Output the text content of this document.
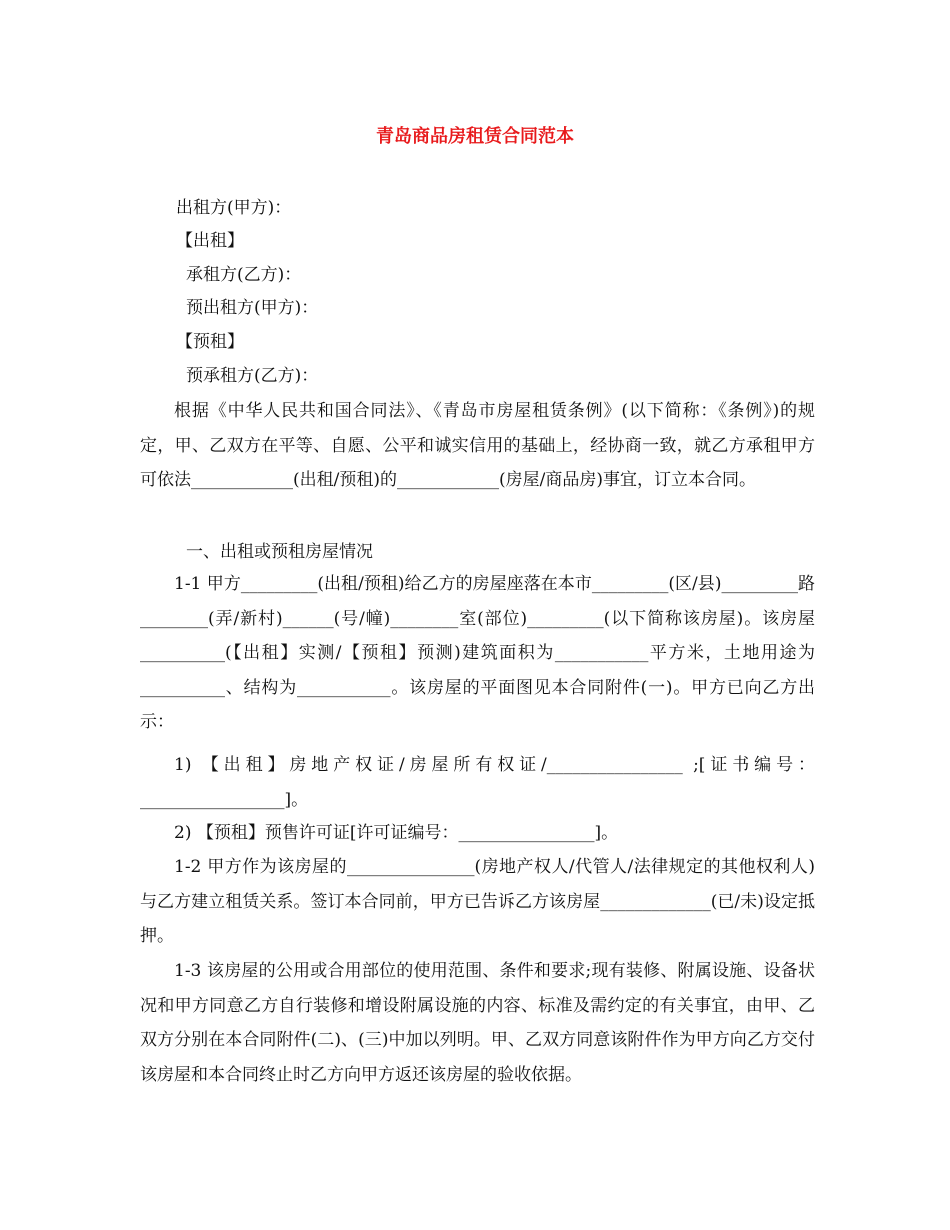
青岛商品房租赁合同范本
出租方(甲方)：
【出租】
承租方(乙方)：
预出租方(甲方)：
【预租】
预承租方(乙方)：
根据《中华人民共和国合同法》、《青岛市房屋租赁条例》(以下简称：《条例》)的规定，甲、乙双方在平等、自愿、公平和诚实信用的基础上，经协商一致，就乙方承租甲方可依法____________(出租/预租)的____________(房屋/商品房)事宜，订立本合同。
一、出租或预租房屋情况
1-1 甲方_________(出租/预租)给乙方的房屋座落在本市_________(区/县)_________路________(弄/新村)______(号/幢)________室(部位)_________(以下简称该房屋)。该房屋__________(【出租】实测/【预租】预测)建筑面积为___________平方米，土地用途为__________、结构为___________。该房屋的平面图见本合同附件(一)。甲方已向乙方出示：
1) 【出租】房地产权证/房屋所有权证/________________ ;[证书编号：_________________]。
2) 【预租】预售许可证[许可证编号：________________]。
1-2 甲方作为该房屋的_______________(房地产权人/代管人/法律规定的其他权利人)与乙方建立租赁关系。签订本合同前，甲方已告诉乙方该房屋_____________(已/未)设定抵押。
1-3 该房屋的公用或合用部位的使用范围、条件和要求;现有装修、附属设施、设备状况和甲方同意乙方自行装修和增设附属设施的内容、标准及需约定的有关事宜，由甲、乙双方分别在本合同附件(二)、(三)中加以列明。甲、乙双方同意该附件作为甲方向乙方交付该房屋和本合同终止时乙方向甲方返还该房屋的验收依据。
